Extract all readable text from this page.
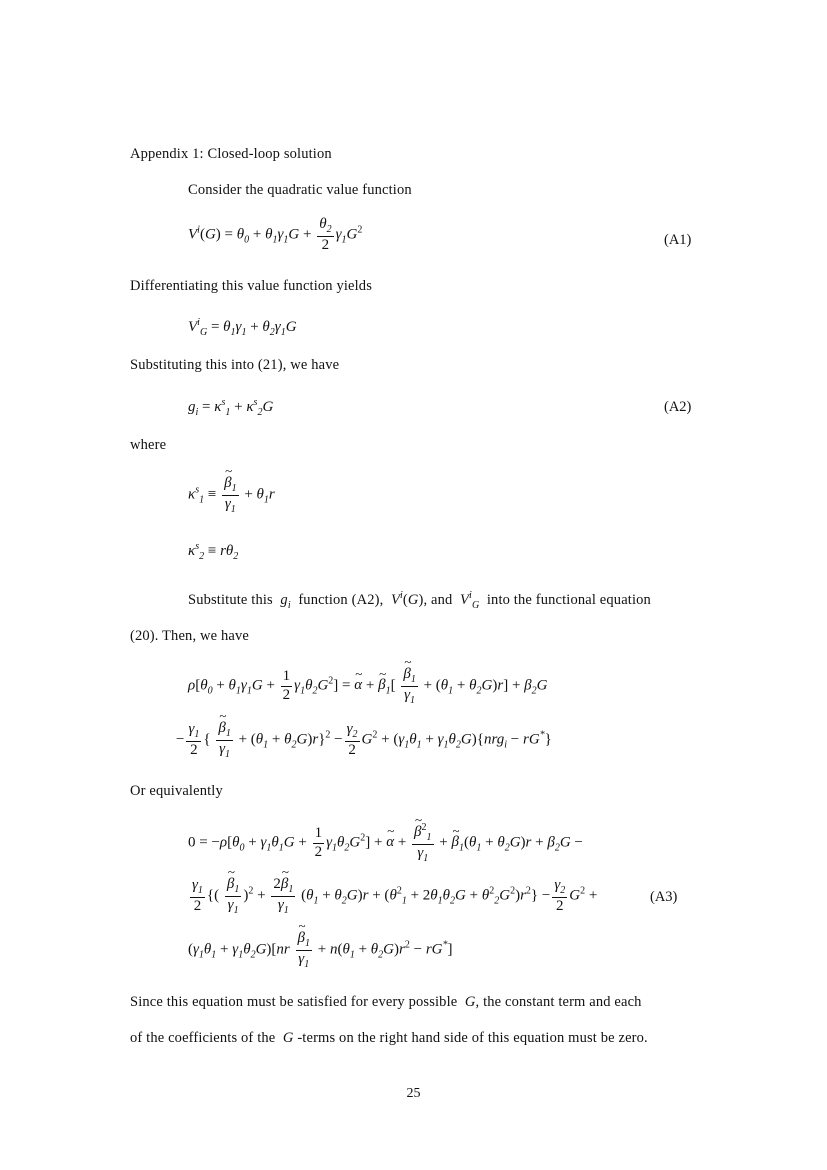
Appendix 1: Closed-loop solution
Consider the quadratic value function
$V^i(G) = \theta_0 + \theta_1\gamma_1G + \frac{\theta_2}{2} \gamma_1G^2$
(A1)
Differentiating this value function yields
$V^i_G = \theta_1\gamma_1 + \theta_2\gamma_1G$
Substituting this into (21), we have
$g_i = \kappa^s_1 + \kappa^s_2G$	(A2)
where
$\kappa^s_1$ ≡ ~ $\frac{\beta_1}{\gamma_1} + \theta_1r$
$\kappa^s_2 \equiv r\theta_2$
Substitute this $g_i$ function (A2), $V^i(G)$, and $V^i_G$ into the functional equation
(20). Then, we have
$\rho[\theta_0 + \theta_1\gamma_1G + \frac{1}{2} \gamma_1\theta_2G^2]$ = ~ α + ~ $\beta_1$[ ~ $\frac{\beta_1}{\gamma_1} + (\theta_1 + \theta_2G)r] + \beta_2G$
− $\frac{\gamma_1}{2}$ { ~ $\frac{\beta_1}{\gamma_1} + (\theta_1 + \theta_2G)r\}^2 - \frac{\gamma_2}{2} G^2 + (\gamma_1\theta_1 + \gamma_1\theta_2G)\{nrg_i - rG^*\}$
Or equivalently
$0 = -\rho[\theta_0 + \gamma_1\theta_1G + \frac{1}{2} \gamma_1\theta_2G^2]$ + ~ α + ~ $\frac{\beta^2_1}{\gamma_1}$ + ~ $\beta_1(\theta_1 + \theta_2G)r + \beta_2G$ −
$\frac{\gamma_1}{2}$ {( ~ $\frac{\beta_1}{\gamma_1} )^2 + \frac{2\sim \beta_1}{\gamma_1} (\theta_1 + \theta_2G)r + (\theta^2_1 + 2\theta_1\theta_2G + \theta^2_2G^2)r^2\} - \frac{\gamma_2}{2} G^2$ +	(A3)
$(\gamma_1\theta_1 + \gamma_1\theta_2G)[nr$ ~ $\frac{\beta_1}{\gamma_1} + n(\theta_1 + \theta_2G)r^2 - rG^*$]
Since this equation must be satisfied for every possible G, the constant term and each
of the coefficients of the G -terms on the right hand side of this equation must be zero.
25
